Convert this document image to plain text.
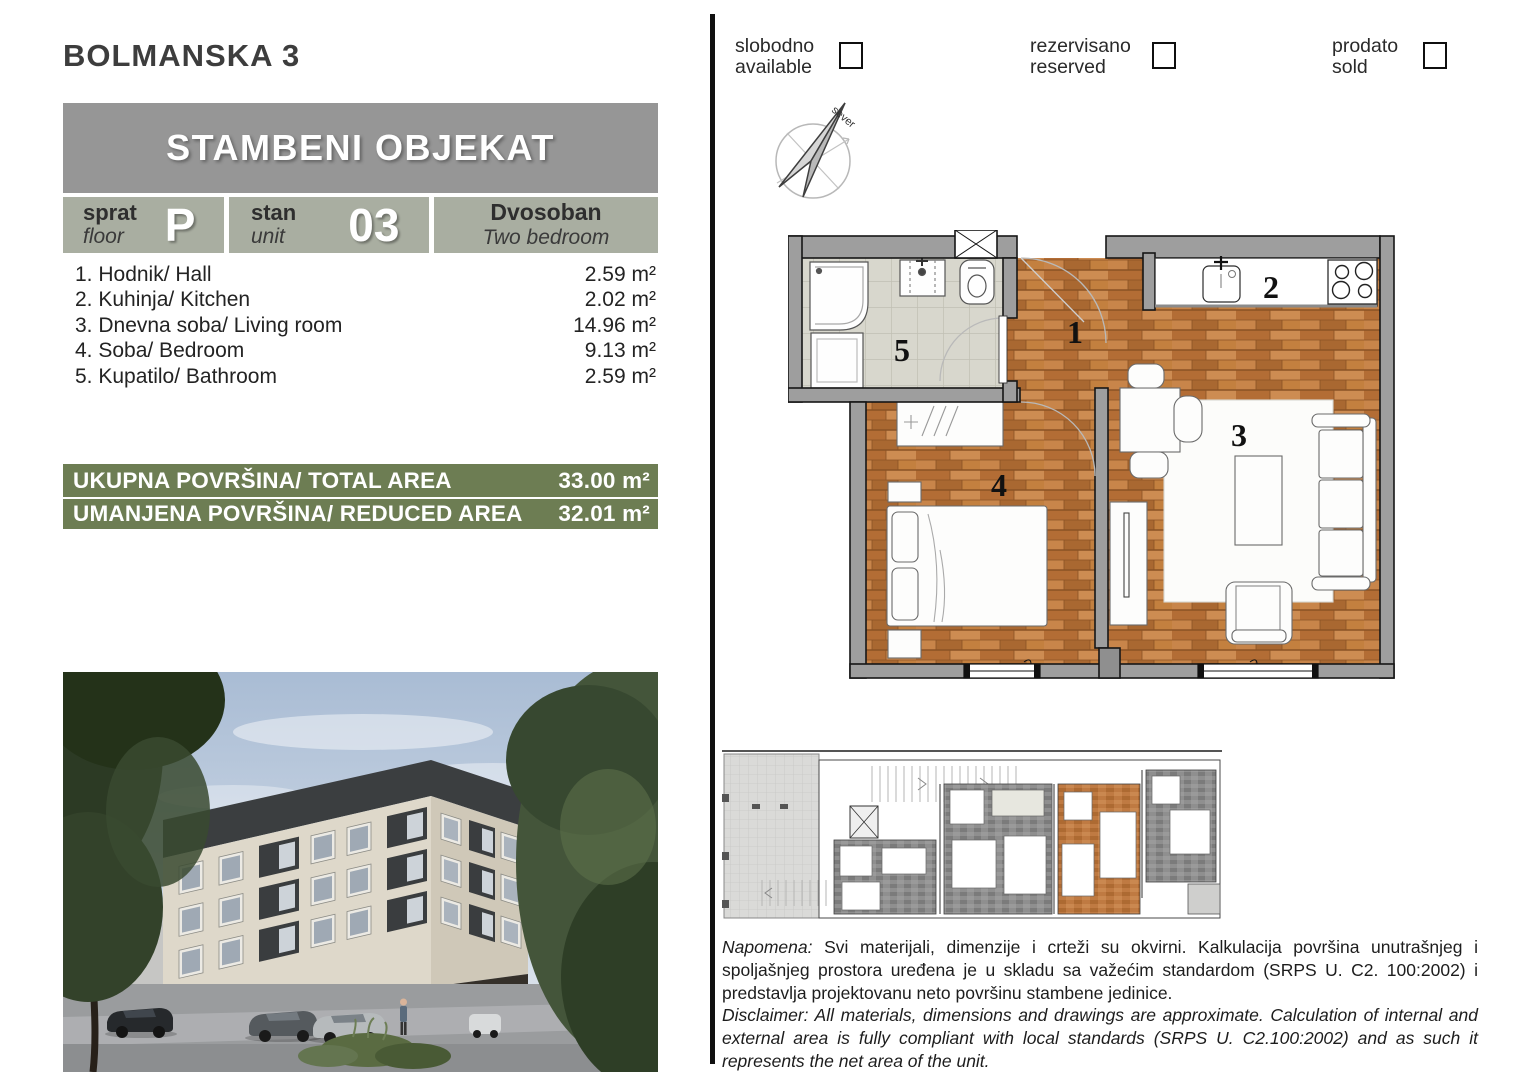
BOLMANSKA 3
STAMBENI OBJEKAT
sprat
floor P	stan
unit 03	Dvosoban
Two bedroom
1. Hodnik/ Hall	2.59 m²
2. Kuhinja/ Kitchen	2.02 m²
3. Dnevna soba/ Living room	14.96 m²
4. Soba/ Bedroom	9.13 m²
5. Kupatilo/ Bathroom	2.59 m²
UKUPNA POVRŠINA/ TOTAL AREA	33.00 m²
UMANJENA POVRŠINA/ REDUCED AREA 32.01 m²
slobodno
available
rezervisano
reserved
prodato
sold
sever
1
2
3
4
5

Napomena: Svi materijali, dimenzije i crteži su okvirni. Kalkulacija površina unutrašnjeg i spoljašnjeg prostora uređena je u skladu sa važećim standardom (SRPS U. C2. 100:2002) i predstavlja projektovanu neto površinu stambene jedinice.

Disclaimer: All materials, dimensions and drawings are approximate. Calculation of internal and external area is fully compliant with local standards (SRPS U. C2.100:2002) and as such it represents the net area of the unit.
